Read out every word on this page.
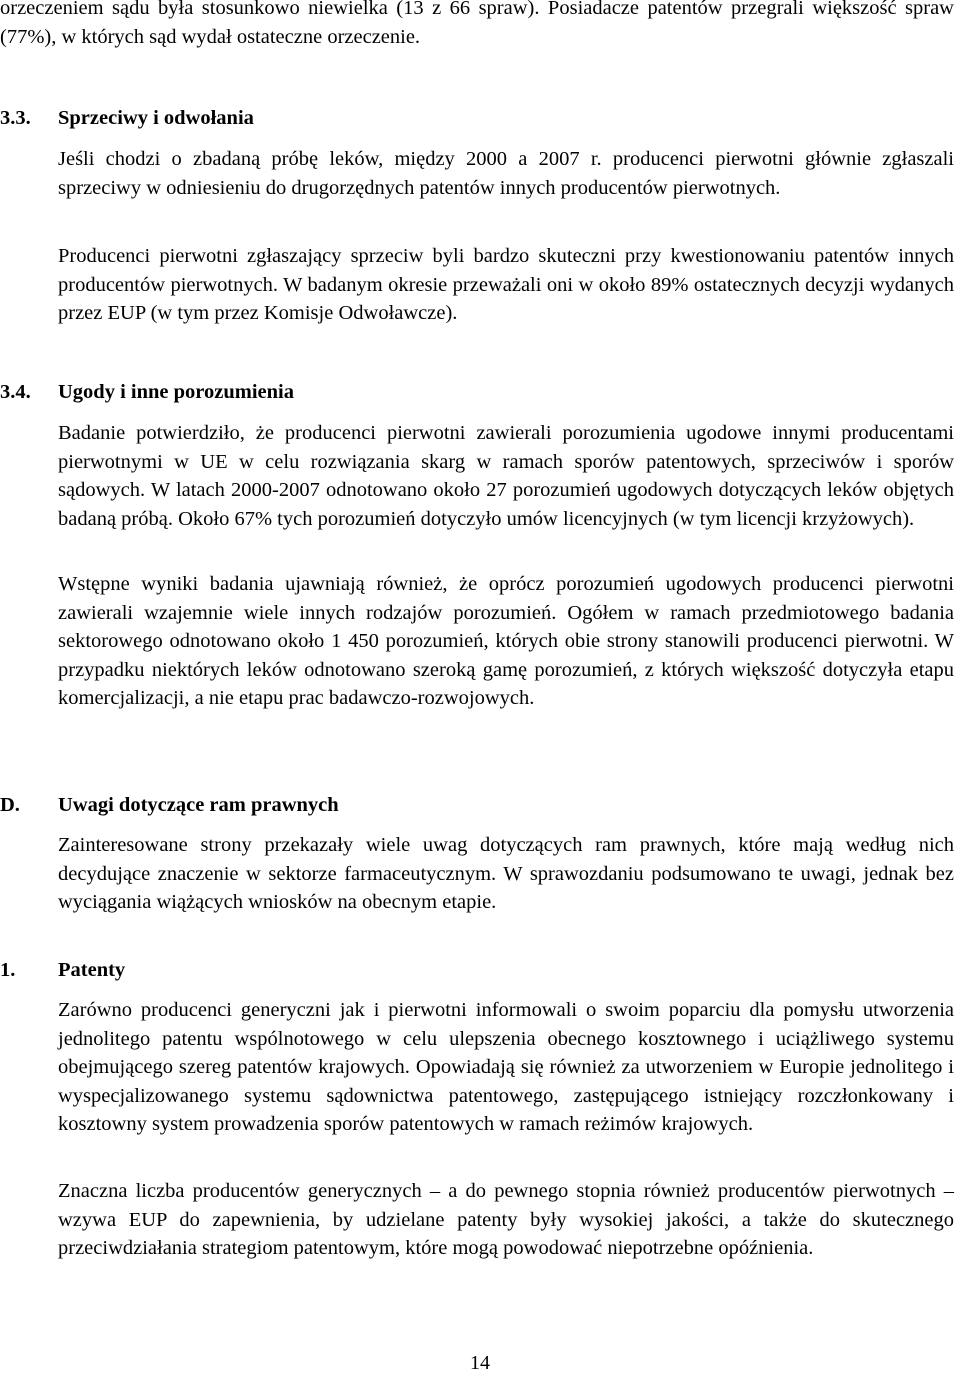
orzeczeniem sądu była stosunkowo niewielka (13 z 66 spraw). Posiadacze patentów przegrali większość spraw (77%), w których sąd wydał ostateczne orzeczenie.

3.3. Sprzeciwy i odwołania

Jeśli chodzi o zbadaną próbę leków, między 2000 a 2007 r. producenci pierwotni głównie zgłaszali sprzeciwy w odniesieniu do drugorzędnych patentów innych producentów pierwotnych.

Producenci pierwotni zgłaszający sprzeciw byli bardzo skuteczni przy kwestionowaniu patentów innych producentów pierwotnych. W badanym okresie przeważali oni w około 89% ostatecznych decyzji wydanych przez EUP (w tym przez Komisje Odwoławcze).

3.4. Ugody i inne porozumienia

Badanie potwierdziło, że producenci pierwotni zawierali porozumienia ugodowe innymi producentami pierwotnymi w UE w celu rozwiązania skarg w ramach sporów patentowych, sprzeciwów i sporów sądowych. W latach 2000-2007 odnotowano około 27 porozumień ugodowych dotyczących leków objętych badaną próbą. Około 67% tych porozumień dotyczyło umów licencyjnych (w tym licencji krzyżowych).

Wstępne wyniki badania ujawniają również, że oprócz porozumień ugodowych producenci pierwotni zawierali wzajemnie wiele innych rodzajów porozumień. Ogółem w ramach przedmiotowego badania sektorowego odnotowano około 1 450 porozumień, których obie strony stanowili producenci pierwotni. W przypadku niektórych leków odnotowano szeroką gamę porozumień, z których większość dotyczyła etapu komercjalizacji, a nie etapu prac badawczo-rozwojowych.

D. Uwagi dotyczące ram prawnych

Zainteresowane strony przekazały wiele uwag dotyczących ram prawnych, które mają według nich decydujące znaczenie w sektorze farmaceutycznym. W sprawozdaniu podsumowano te uwagi, jednak bez wyciągania wiążących wniosków na obecnym etapie.

1. Patenty

Zarówno producenci generyczni jak i pierwotni informowali o swoim poparciu dla pomysłu utworzenia jednolitego patentu wspólnotowego w celu ulepszenia obecnego kosztownego i uciążliwego systemu obejmującego szereg patentów krajowych. Opowiadają się również za utworzeniem w Europie jednolitego i wyspecjalizowanego systemu sądownictwa patentowego, zastępującego istniejący rozczłonkowany i kosztowny system prowadzenia sporów patentowych w ramach reżimów krajowych.

Znaczna liczba producentów generycznych – a do pewnego stopnia również producentów pierwotnych – wzywa EUP do zapewnienia, by udzielane patenty były wysokiej jakości, a także do skutecznego przeciwdziałania strategiom patentowym, które mogą powodować niepotrzebne opóźnienia.

14
